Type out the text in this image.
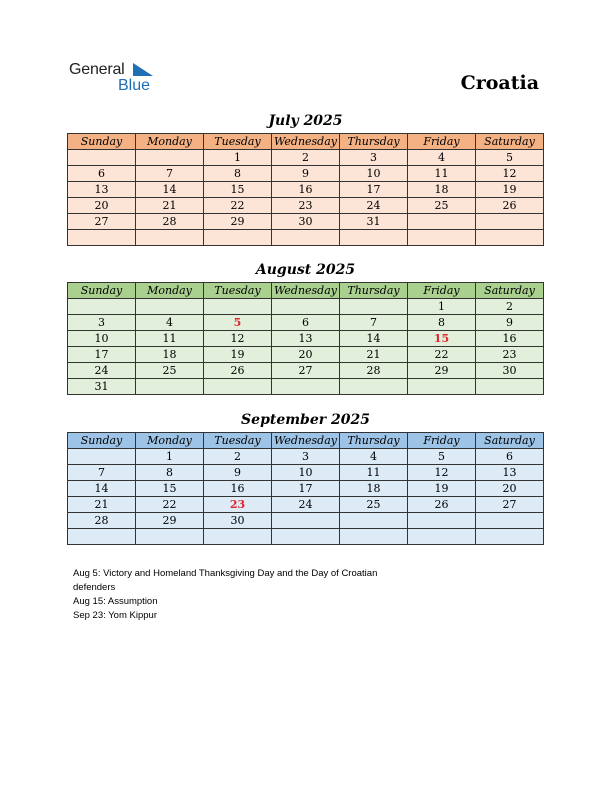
General
Blue	Croatia
July 2025
Sunday	Monday	Tuesday	Wednesday	Thursday	Friday	Saturday
		1	2	3	4	5
6	7	8	9	10	11	12
13	14	15	16	17	18	19
20	21	22	23	24	25	26
27	28	29	30	31		

August 2025
Sunday	Monday	Tuesday	Wednesday	Thursday	Friday	Saturday
					1	2
3	4	5	6	7	8	9
10	11	12	13	14	15	16
17	18	19	20	21	22	23
24	25	26	27	28	29	30
31						
September 2025
Sunday	Monday	Tuesday	Wednesday	Thursday	Friday	Saturday
	1	2	3	4	5	6
7	8	9	10	11	12	13
14	15	16	17	18	19	20
21	22	23	24	25	26	27
28	29	30				

Aug 5: Victory and Homeland Thanksgiving Day and the Day of Croatian defenders
Aug 15: Assumption
Sep 23: Yom Kippur
